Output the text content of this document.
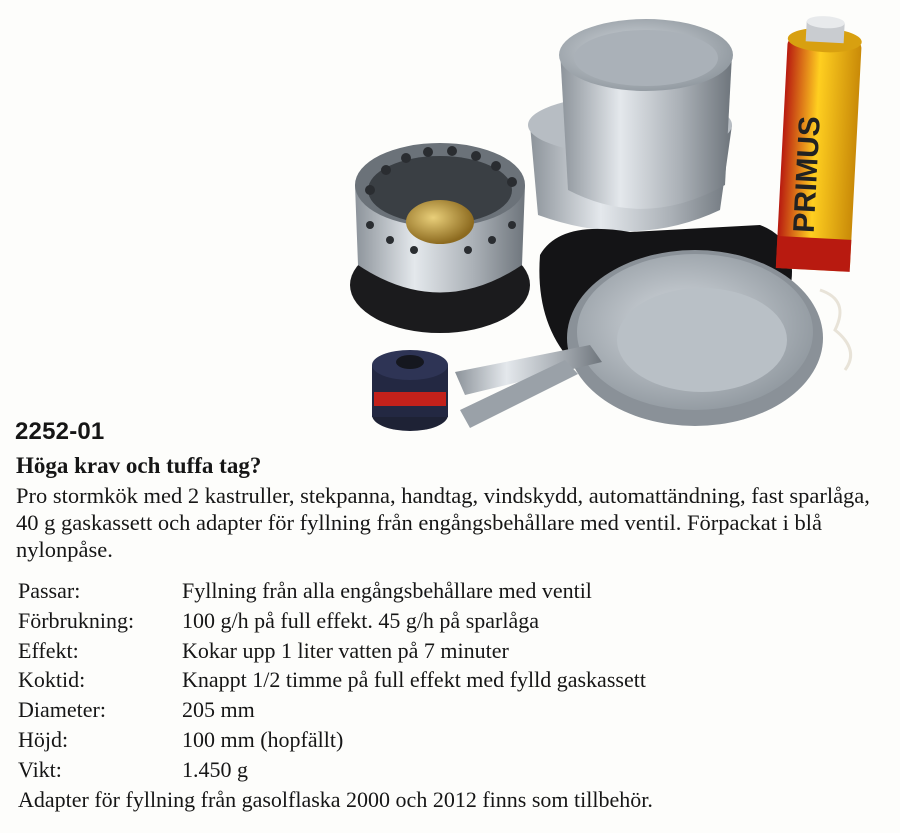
PRIMUS
2252-01
Höga krav och tuffa tag?

Pro stormkök med 2 kastruller, stekpanna, handtag, vindskydd, automattändning, fast sparlåga, 40 g gaskassett och adapter för fyllning från engångsbehållare med ventil. Förpackat i blå nylonpåse.

Passar:	Fyllning från alla engångsbehållare med ventil
Förbrukning:	100 g/h på full effekt. 45 g/h på sparlåga
Effekt:	Kokar upp 1 liter vatten på 7 minuter
Koktid:	Knappt 1/2 timme på full effekt med fylld gaskassett
Diameter:	205 mm
Höjd:	100 mm (hopfällt)
Vikt:	1.450 g
Adapter för fyllning från gasolflaska 2000 och 2012 finns som tillbehör.
